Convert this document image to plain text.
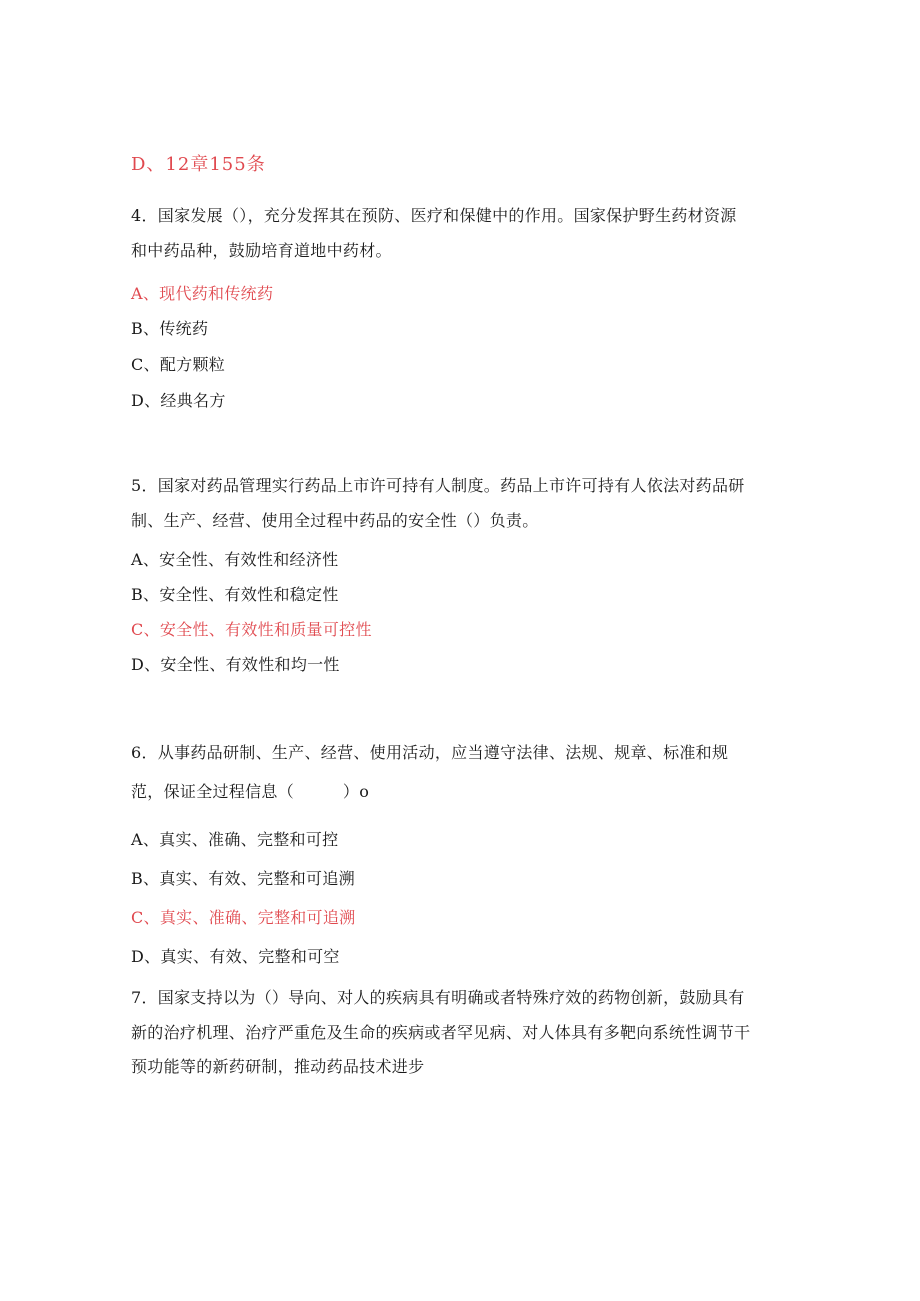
D、12章155条
4．国家发展（），充分发挥其在预防、医疗和保健中的作用。国家保护野生药材资源
和中药品种，鼓励培育道地中药材。
A、现代药和传统药
B、传统药
C、配方颗粒
D、经典名方
5．国家对药品管理实行药品上市许可持有人制度。药品上市许可持有人依法对药品研
制、生产、经营、使用全过程中药品的安全性（）负责。
A、安全性、有效性和经济性
B、安全性、有效性和稳定性
C、安全性、有效性和质量可控性
D、安全性、有效性和均一性
6．从事药品研制、生产、经营、使用活动，应当遵守法律、法规、规章、标准和规
范，保证全过程信息（　　　）o
A、真实、准确、完整和可控
B、真实、有效、完整和可追溯
C、真实、准确、完整和可追溯
D、真实、有效、完整和可空
7．国家支持以为（）导向、对人的疾病具有明确或者特殊疗效的药物创新，鼓励具有
新的治疗机理、治疗严重危及生命的疾病或者罕见病、对人体具有多靶向系统性调节干
预功能等的新药研制，推动药品技术进步
